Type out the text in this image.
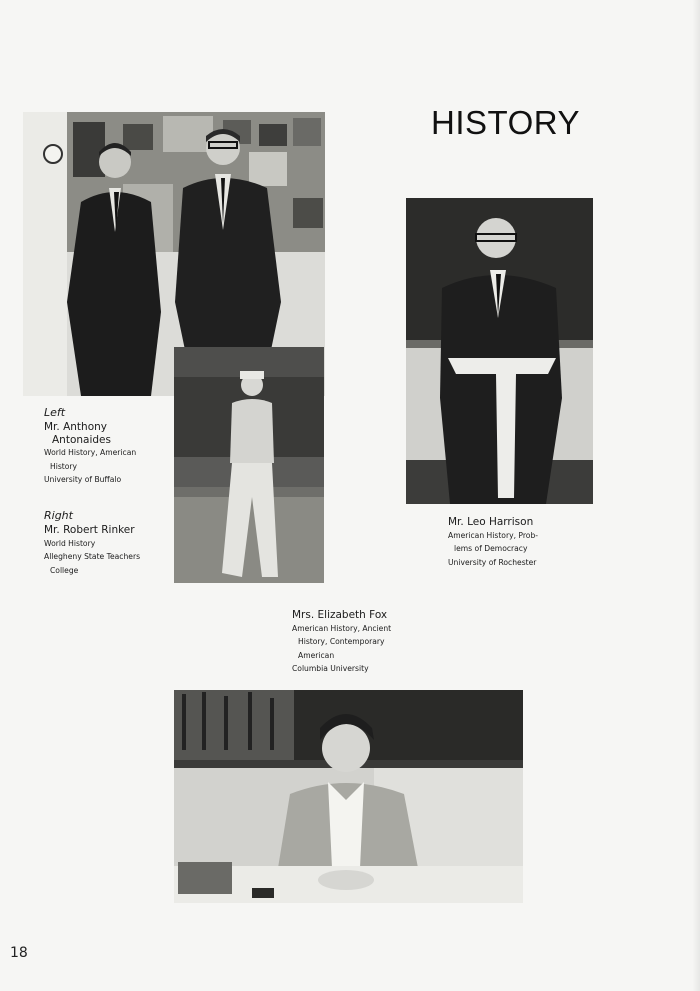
HISTORY
Left
Mr. Anthony
Antonaides
World History, American
History
University of Buffalo
Right
Mr. Robert Rinker
World History
Allegheny State Teachers
College
Mr. Leo Harrison
American History, Prob-
lems of Democracy
University of Rochester
Mrs. Elizabeth Fox
American History, Ancient
History, Contemporary
American
Columbia University
18
